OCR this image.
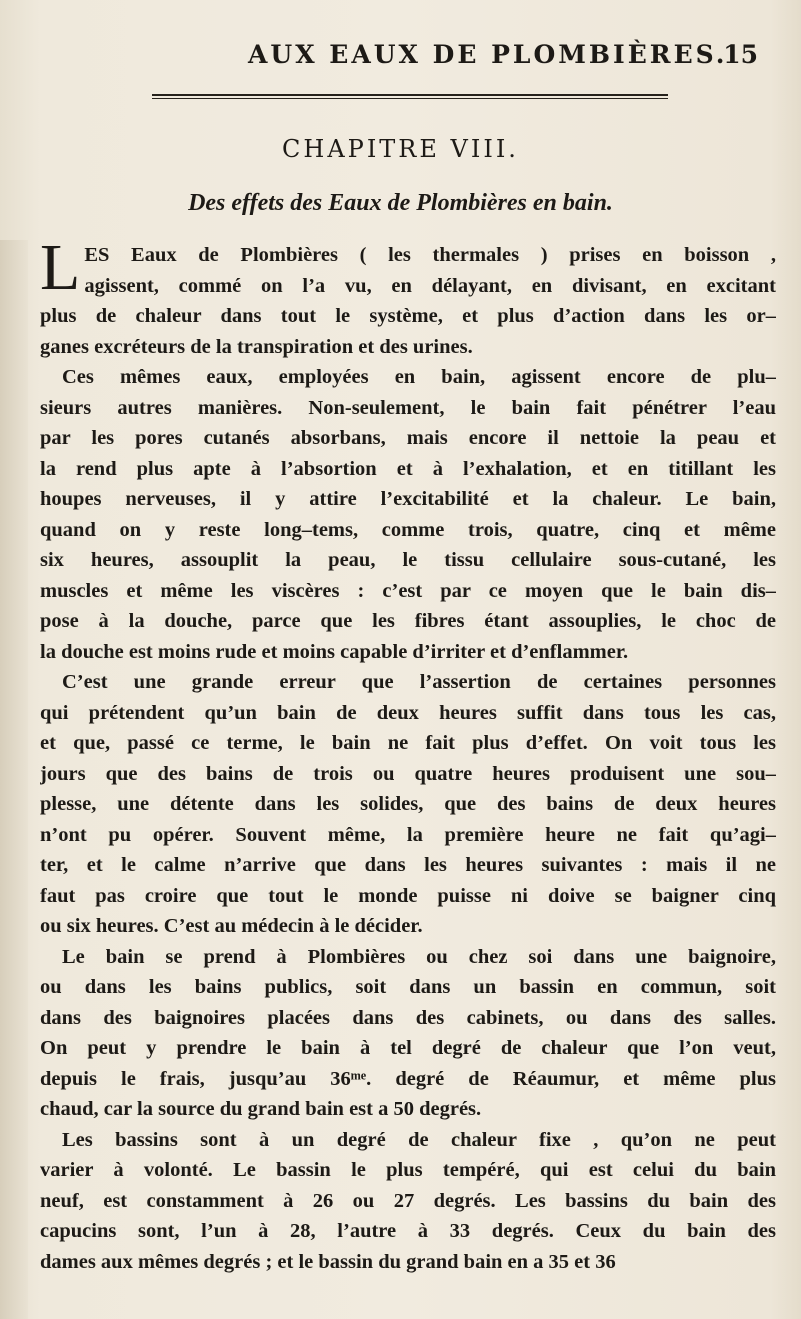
AUX EAUX DE PLOMBIÈRES.
15
CHAPITRE VIII.
Des effets des Eaux de Plombières en bain.
L ES Eaux de Plombières ( les thermales ) prises en boisson ,
agissent, commé on l’a vu, en délayant, en divisant, en excitant
plus de chaleur dans tout le système, et plus d’action dans les or–
ganes excréteurs de la transpiration et des urines.
Ces mêmes eaux, employées en bain, agissent encore de plu–
sieurs autres manières. Non-seulement, le bain fait pénétrer l’eau
par les pores cutanés absorbans, mais encore il nettoie la peau et
la rend plus apte à l’absortion et à l’exhalation, et en titillant les
houpes nerveuses, il y attire l’excitabilité et la chaleur. Le bain,
quand on y reste long–tems, comme trois, quatre, cinq et même
six heures, assouplit la peau, le tissu cellulaire sous-cutané, les
muscles et même les viscères : c’est par ce moyen que le bain dis–
pose à la douche, parce que les fibres étant assouplies, le choc de
la douche est moins rude et moins capable d’irriter et d’enflammer.
C’est une grande erreur que l’assertion de certaines personnes
qui prétendent qu’un bain de deux heures suffit dans tous les cas,
et que, passé ce terme, le bain ne fait plus d’effet. On voit tous les
jours que des bains de trois ou quatre heures produisent une sou–
plesse, une détente dans les solides, que des bains de deux heures
n’ont pu opérer. Souvent même, la première heure ne fait qu’agi–
ter, et le calme n’arrive que dans les heures suivantes : mais il ne
faut pas croire que tout le monde puisse ni doive se baigner cinq
ou six heures. C’est au médecin à le décider.
Le bain se prend à Plombières ou chez soi dans une baignoire,
ou dans les bains publics, soit dans un bassin en commun, soit
dans des baignoires placées dans des cabinets, ou dans des salles.
On peut y prendre le bain à tel degré de chaleur que l’on veut,
depuis le frais, jusqu’au 36ᵐᵉ. degré de Réaumur, et même plus
chaud, car la source du grand bain est a 50 degrés.
Les bassins sont à un degré de chaleur fixe , qu’on ne peut
varier à volonté. Le bassin le plus tempéré, qui est celui du bain
neuf, est constamment à 26 ou 27 degrés. Les bassins du bain des
capucins sont, l’un à 28, l’autre à 33 degrés. Ceux du bain des
dames aux mêmes degrés ; et le bassin du grand bain en a 35 et 36
